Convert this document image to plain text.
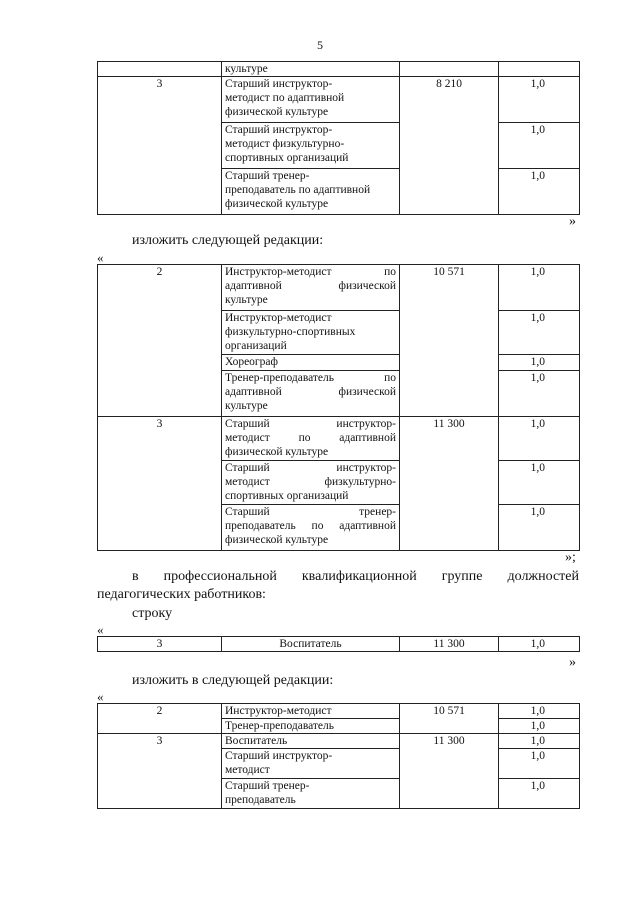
5

	культуре		

3	Старший инструктор-
методист по адаптивной
физической культуре	8 210	1,0

	Старший инструктор-
методист физкультурно-
спортивных организаций		1,0

	Старший тренер-
преподаватель по адаптивной
физической культуре		1,0
»
изложить следующей редакции:
«
2	Инструктор-методист по
адаптивной физической
культуре	10 571	1,0

	Инструктор-методист
физкультурно-спортивных
организаций		1,0

	Хореограф		1,0

	Тренер-преподаватель по
адаптивной физической
культуре		1,0
3	Старший инструктор-
методист по адаптивной
физической культуре	11 300	1,0

	Старший инструктор-
методист физкультурно-
спортивных организаций		1,0

	Старший тренер-
преподаватель по адаптивной
физической культуре		1,0
»;
в профессиональной квалификационной группе должностей
педагогических работников:
строку
«
3	Воспитатель	11 300	1,0
»
изложить в следующей редакции:
«
2	Инструктор-методист	10 571	1,0
	Тренер-преподаватель		1,0
3	Воспитатель	11 300	1,0

	Старший инструктор-
методист		1,0

	Старший тренер-
преподаватель		1,0
